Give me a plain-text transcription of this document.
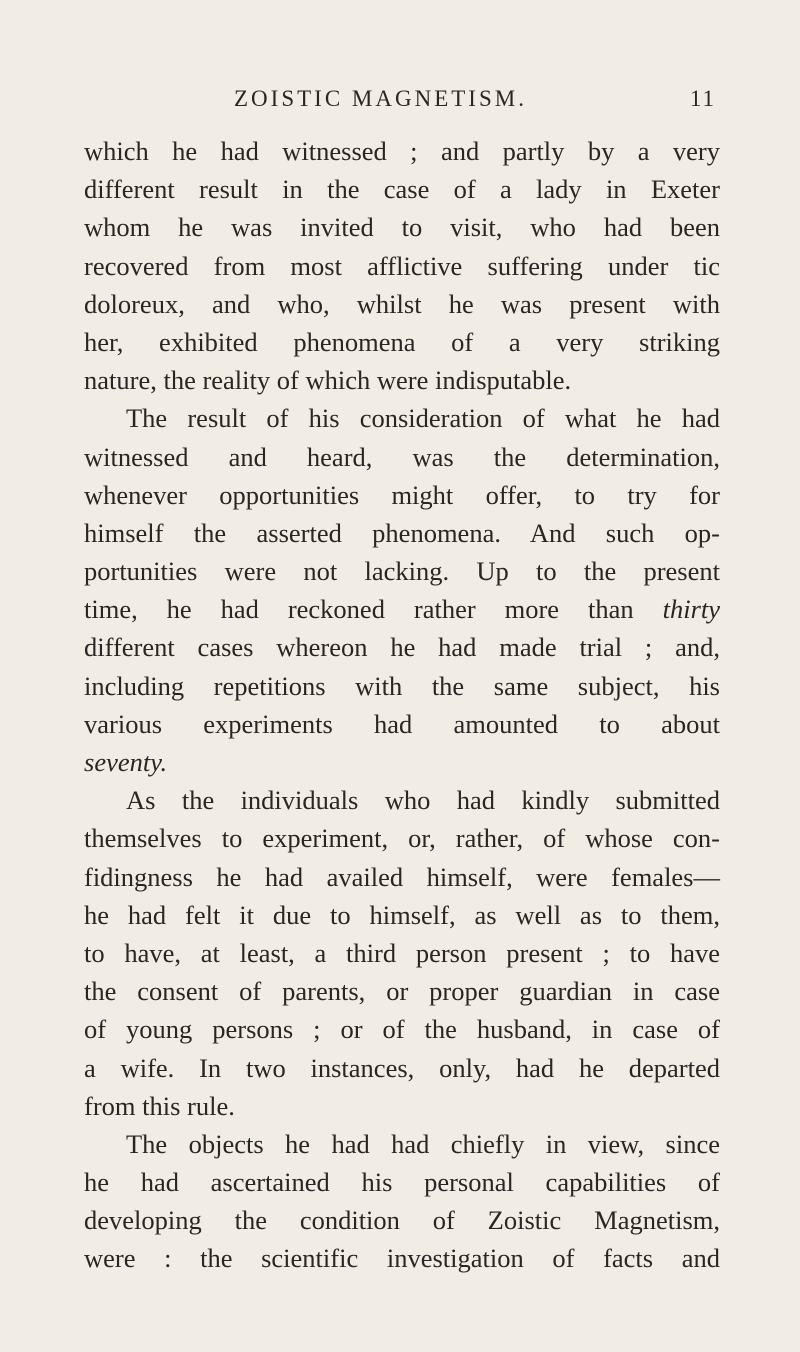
ZOISTIC MAGNETISM.	11
which he had witnessed ; and partly by a very
different result in the case of a lady in Exeter
whom he was invited to visit, who had been
recovered from most afflictive suffering under tic
doloreux, and who, whilst he was present with
her, exhibited phenomena of a very striking
nature, the reality of which were indisputable.
The result of his consideration of what he had
witnessed and heard, was the determination,
whenever opportunities might offer, to try for
himself the asserted phenomena. And such op-
portunities were not lacking. Up to the present
time, he had reckoned rather more than thirty
different cases whereon he had made trial ; and,
including repetitions with the same subject, his
various experiments had amounted to about
seventy.
As the individuals who had kindly submitted
themselves to experiment, or, rather, of whose con-
fidingness he had availed himself, were females—
he had felt it due to himself, as well as to them,
to have, at least, a third person present ; to have
the consent of parents, or proper guardian in case
of young persons ; or of the husband, in case of
a wife. In two instances, only, had he departed
from this rule.
The objects he had had chiefly in view, since
he had ascertained his personal capabilities of
developing the condition of Zoistic Magnetism,
were : the scientific investigation of facts and
